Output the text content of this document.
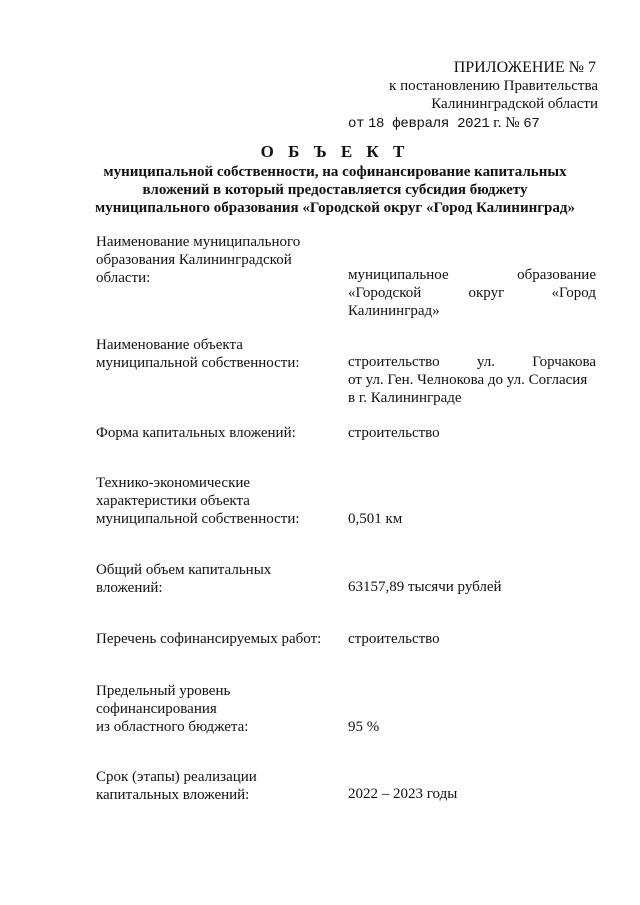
ПРИЛОЖЕНИЕ № 7
к постановлению Правительства
Калининградской области
от 18 февраля 2021 г. № 67
О Б Ъ Е К Т
муниципальной собственности, на софинансирование капитальных
вложений в который предоставляется субсидия бюджету
муниципального образования «Городской округ «Город Калининград»
Наименование муниципального
образования Калининградской
области:	муниципальное образование
«Городской округ «Город
Калининград»
Наименование объекта
муниципальной собственности:	строительство ул. Горчакова
от ул. Ген. Челнокова до ул. Согласия
в г. Калининграде
Форма капитальных вложений:	строительство
Технико-экономические
характеристики объекта
муниципальной собственности:	0,501 км
Общий объем капитальных
вложений:	63157,89 тысячи рублей
Перечень софинансируемых работ:	строительство
Предельный уровень
софинансирования
из областного бюджета:	95 %
Срок (этапы) реализации
капитальных вложений:	2022 – 2023 годы
